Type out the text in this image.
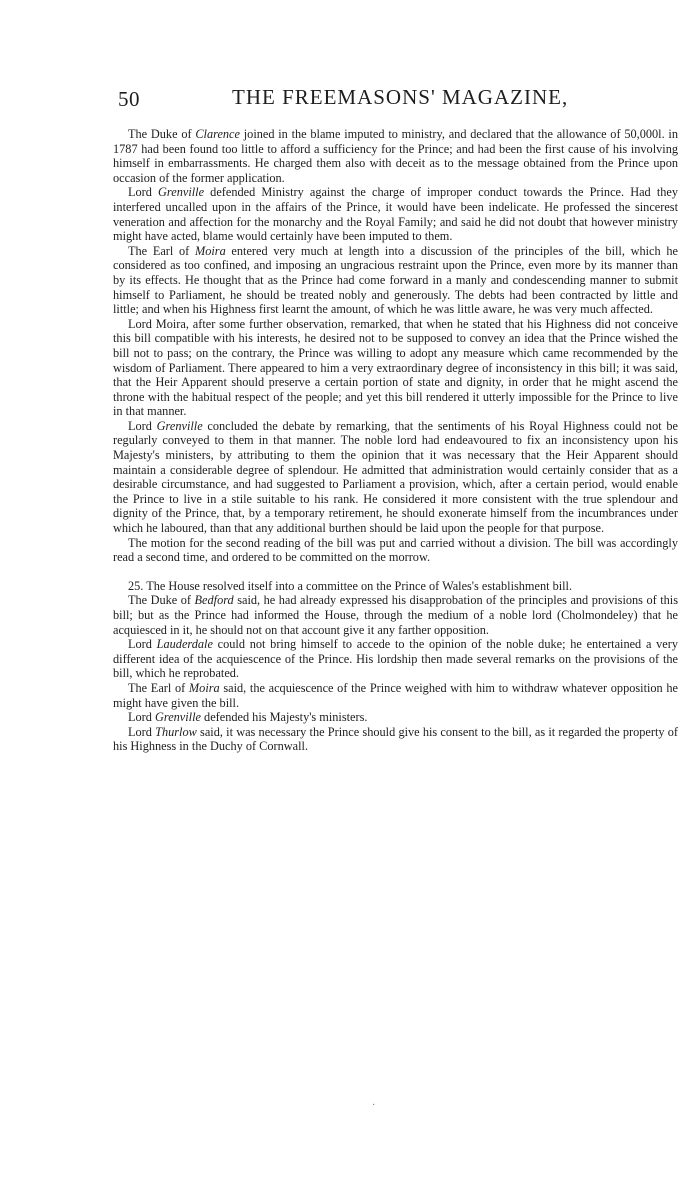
50	THE FREEMASONS' MAGAZINE,

The Duke of Clarence joined in the blame imputed to ministry, and declared that the allowance of 50,000l. in 1787 had been found too little to afford a sufficiency for the Prince; and had been the first cause of his involving himself in embarrassments. He charged them also with deceit as to the message obtained from the Prince upon occasion of the former application.

Lord Grenville defended Ministry against the charge of improper conduct towards the Prince. Had they interfered uncalled upon in the affairs of the Prince, it would have been indelicate. He professed the sincerest veneration and affection for the monarchy and the Royal Family; and said he did not doubt that however ministry might have acted, blame would certainly have been imputed to them.

The Earl of Moira entered very much at length into a discussion of the principles of the bill, which he considered as too confined, and imposing an ungracious restraint upon the Prince, even more by its manner than by its effects. He thought that as the Prince had come forward in a manly and condescending manner to submit himself to Parliament, he should be treated nobly and generously. The debts had been contracted by little and little; and when his Highness first learnt the amount, of which he was little aware, he was very much affected.

Lord Moira, after some further observation, remarked, that when he stated that his Highness did not conceive this bill compatible with his interests, he desired not to be supposed to convey an idea that the Prince wished the bill not to pass; on the contrary, the Prince was willing to adopt any measure which came recommended by the wisdom of Parliament. There appeared to him a very extraordinary degree of inconsistency in this bill; it was said, that the Heir Apparent should preserve a certain portion of state and dignity, in order that he might ascend the throne with the habitual respect of the people; and yet this bill rendered it utterly impossible for the Prince to live in that manner.

Lord Grenville concluded the debate by remarking, that the sentiments of his Royal Highness could not be regularly conveyed to them in that manner. The noble lord had endeavoured to fix an inconsistency upon his Majesty's ministers, by attributing to them the opinion that it was necessary that the Heir Apparent should maintain a considerable degree of splendour. He admitted that administration would certainly consider that as a desirable circumstance, and had suggested to Parliament a provision, which, after a certain period, would enable the Prince to live in a stile suitable to his rank. He considered it more consistent with the true splendour and dignity of the Prince, that, by a temporary retirement, he should exonerate himself from the incumbrances under which he laboured, than that any additional burthen should be laid upon the people for that purpose.

The motion for the second reading of the bill was put and carried without a division. The bill was accordingly read a second time, and ordered to be committed on the morrow.

25. The House resolved itself into a committee on the Prince of Wales's establishment bill.

The Duke of Bedford said, he had already expressed his disapprobation of the principles and provisions of this bill; but as the Prince had informed the House, through the medium of a noble lord (Cholmondeley) that he acquiesced in it, he should not on that account give it any farther opposition.

Lord Lauderdale could not bring himself to accede to the opinion of the noble duke; he entertained a very different idea of the acquiescence of the Prince. His lordship then made several remarks on the provisions of the bill, which he reprobated.

The Earl of Moira said, the acquiescence of the Prince weighed with him to withdraw whatever opposition he might have given the bill.

Lord Grenville defended his Majesty's ministers.

Lord Thurlow said, it was necessary the Prince should give his consent to the bill, as it regarded the property of his Highness in the Duchy of Cornwall.

·
